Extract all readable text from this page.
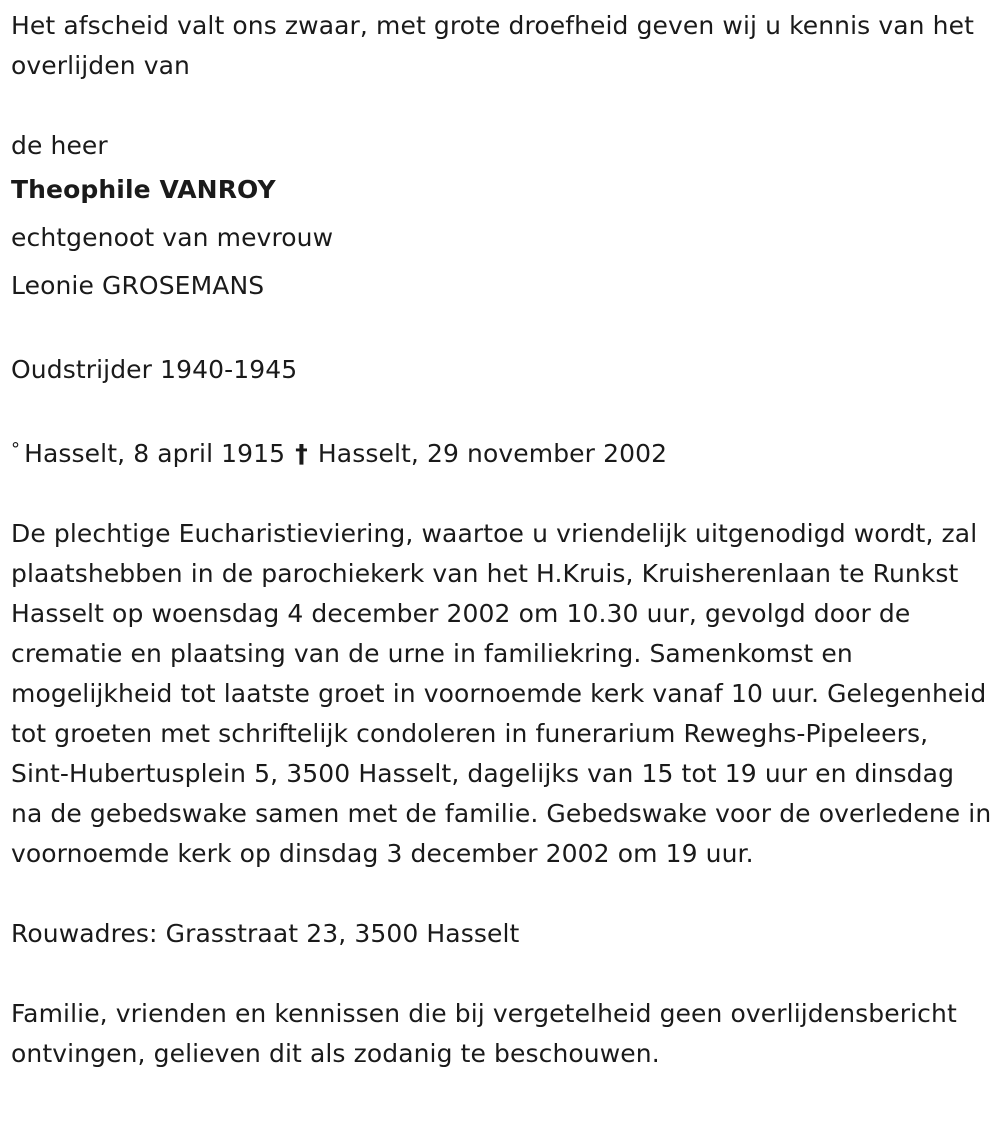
Het afscheid valt ons zwaar, met grote droefheid geven wij u kennis van het overlijden van

de heer

Theophile VANROY

echtgenoot van mevrouw

Leonie GROSEMANS

Oudstrijder 1940-1945

° Hasselt, 8 april 1915 † Hasselt, 29 november 2002

De plechtige Eucharistieviering, waartoe u vriendelijk uitgenodigd wordt, zal plaatshebben in de parochiekerk van het H.Kruis, Kruisherenlaan te Runkst Hasselt op woensdag 4 december 2002 om 10.30 uur, gevolgd door de crematie en plaatsing van de urne in familiekring. Samenkomst en mogelijkheid tot laatste groet in voornoemde kerk vanaf 10 uur. Gelegenheid tot groeten met schriftelijk condoleren in funerarium Reweghs-Pipeleers, Sint-Hubertusplein 5, 3500 Hasselt, dagelijks van 15 tot 19 uur en dinsdag na de gebedswake samen met de familie. Gebedswake voor de overledene in voornoemde kerk op dinsdag 3 december 2002 om 19 uur.

Rouwadres: Grasstraat 23, 3500 Hasselt

Familie, vrienden en kennissen die bij vergetelheid geen overlijdensbericht ontvingen, gelieven dit als zodanig te beschouwen.
